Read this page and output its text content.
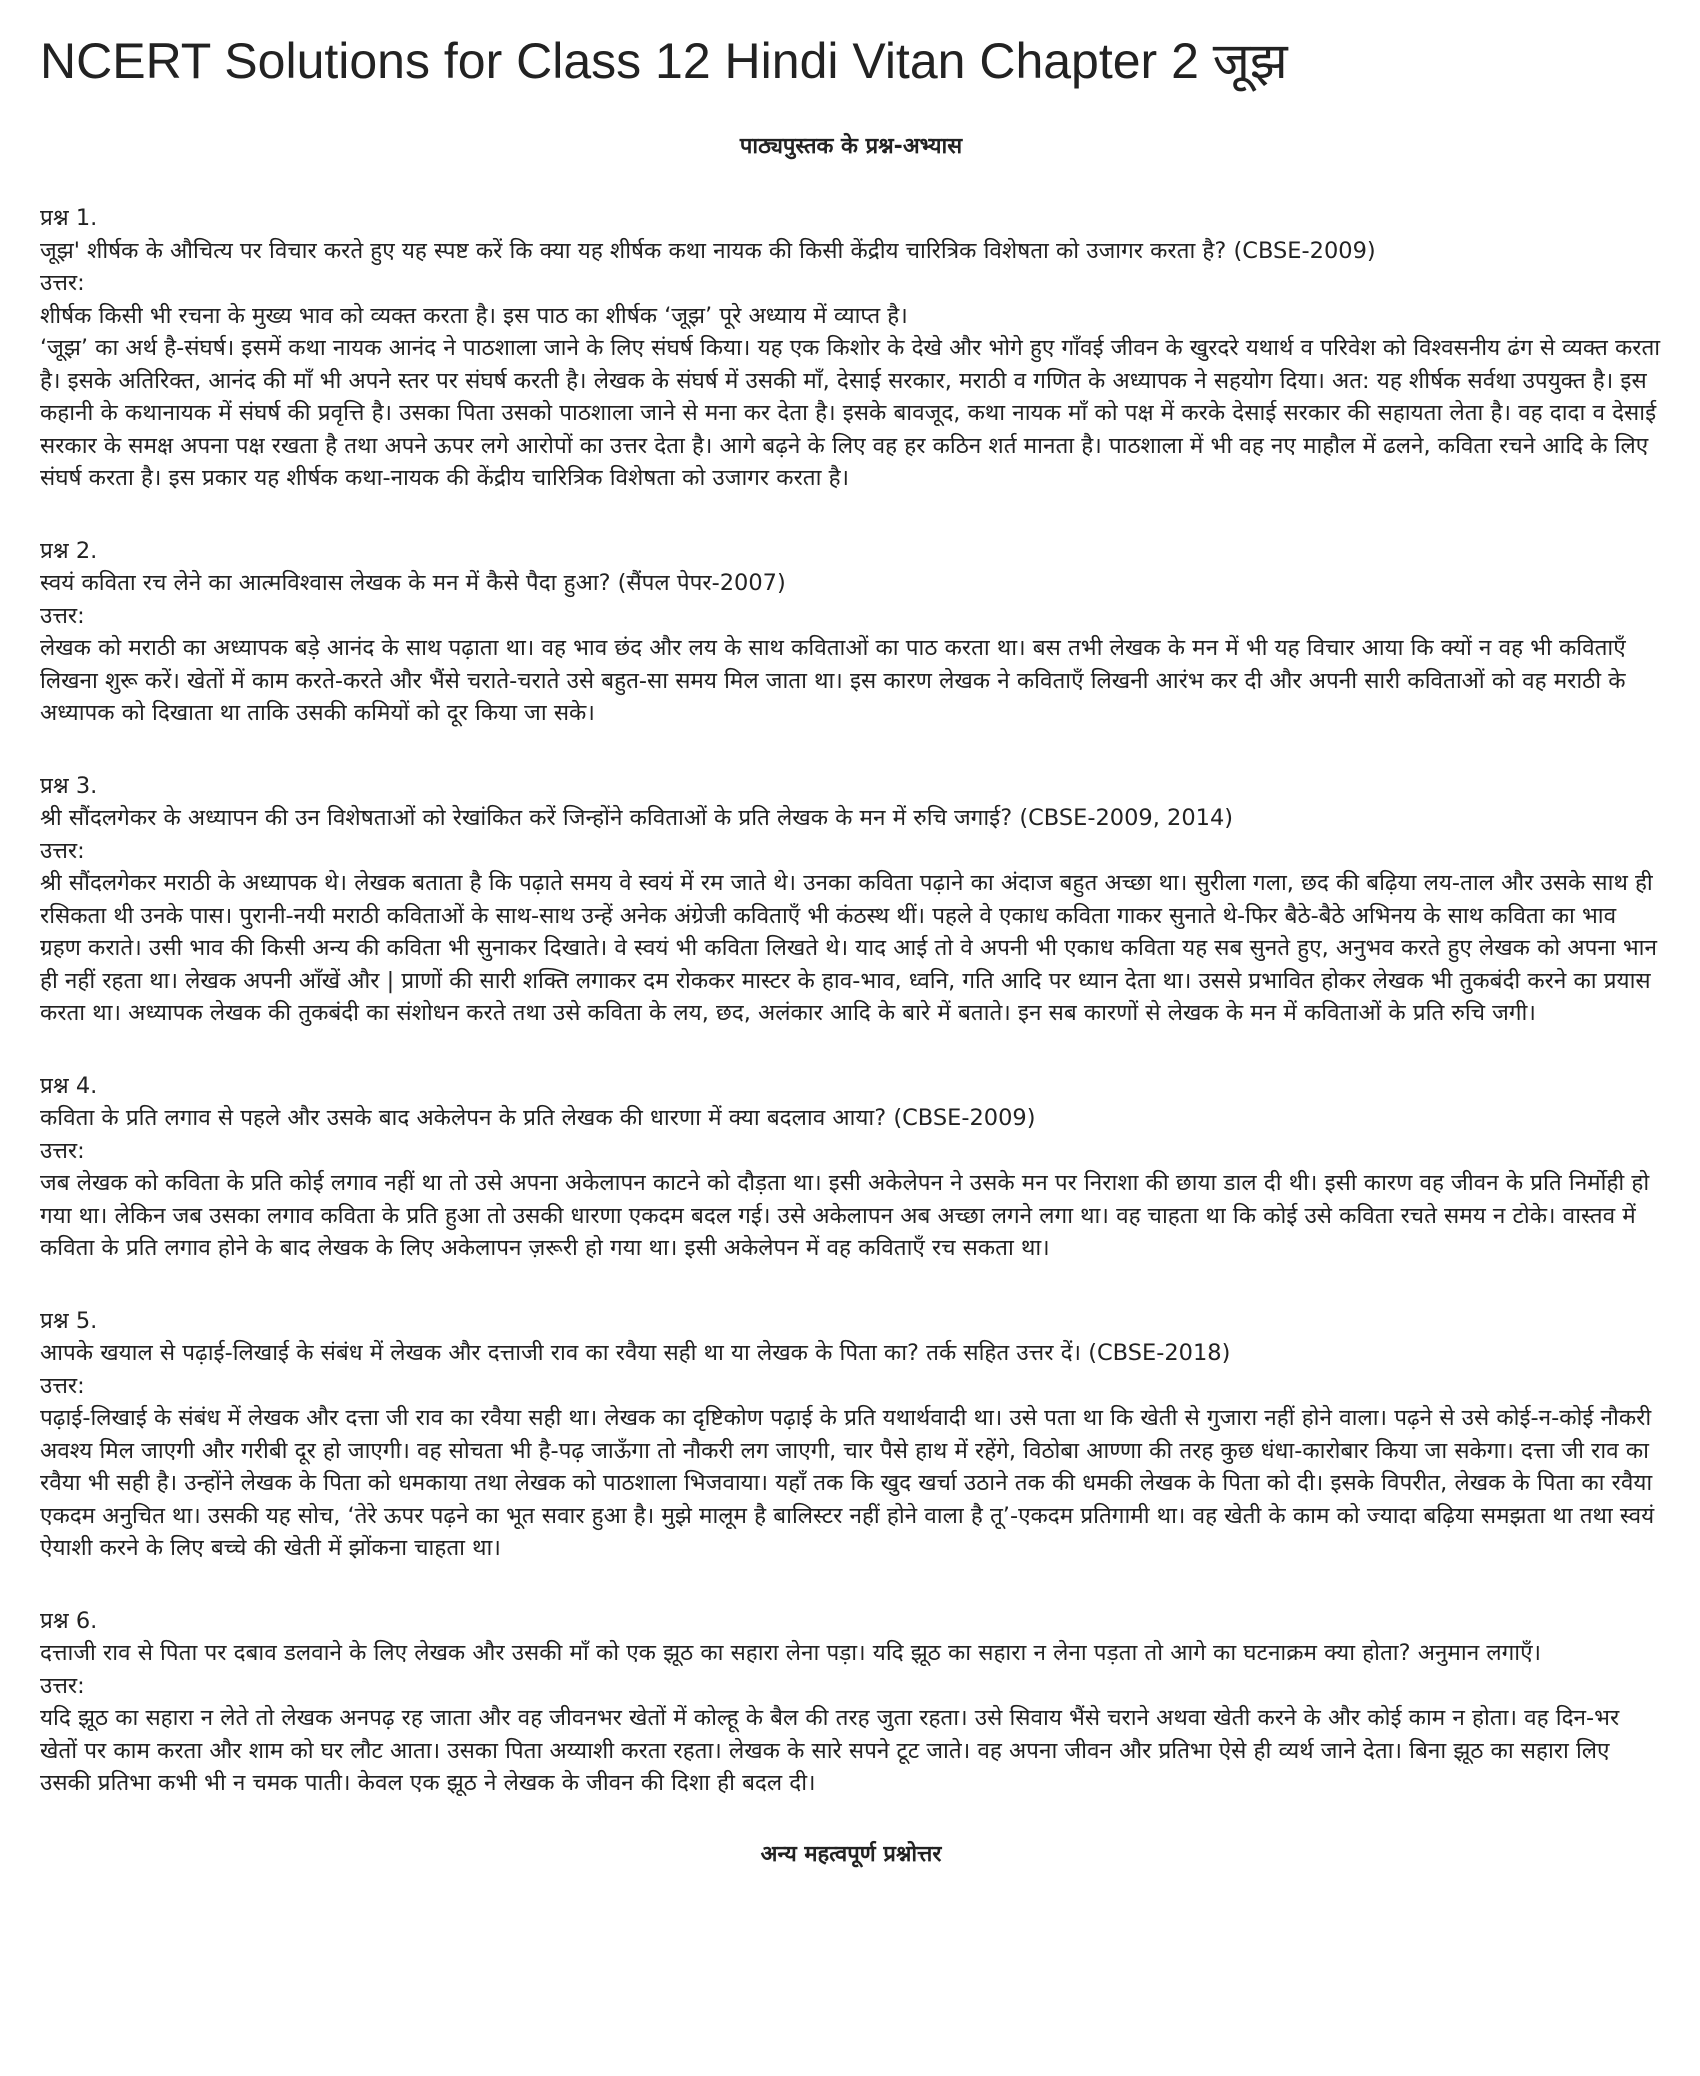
NCERT Solutions for Class 12 Hindi Vitan Chapter 2 जूझ
पाठ्यपुस्तक के प्रश्न-अभ्यास

प्रश्न 1.

जूझ' शीर्षक के औचित्य पर विचार करते हुए यह स्पष्ट करें कि क्या यह शीर्षक कथा नायक की किसी केंद्रीय चारित्रिक विशेषता को उजागर करता है? (CBSE-2009)

उत्तर:

शीर्षक किसी भी रचना के मुख्य भाव को व्यक्त करता है। इस पाठ का शीर्षक ‘जूझ’ पूरे अध्याय में व्याप्त है।

‘जूझ’ का अर्थ है-संघर्ष। इसमें कथा नायक आनंद ने पाठशाला जाने के लिए संघर्ष किया। यह एक किशोर के देखे और भोगे हुए गाँवई जीवन के खुरदरे यथार्थ व परिवेश को विश्वसनीय ढंग से व्यक्त करता है। इसके अतिरिक्त, आनंद की माँ भी अपने स्तर पर संघर्ष करती है। लेखक के संघर्ष में उसकी माँ, देसाई सरकार, मराठी व गणित के अध्यापक ने सहयोग दिया। अत: यह शीर्षक सर्वथा उपयुक्त है। इस कहानी के कथानायक में संघर्ष की प्रवृत्ति है। उसका पिता उसको पाठशाला जाने से मना कर देता है। इसके बावजूद, कथा नायक माँ को पक्ष में करके देसाई सरकार की सहायता लेता है। वह दादा व देसाई सरकार के समक्ष अपना पक्ष रखता है तथा अपने ऊपर लगे आरोपों का उत्तर देता है। आगे बढ़ने के लिए वह हर कठिन शर्त मानता है। पाठशाला में भी वह नए माहौल में ढलने, कविता रचने आदि के लिए संघर्ष करता है। इस प्रकार यह शीर्षक कथा-नायक की केंद्रीय चारित्रिक विशेषता को उजागर करता है।

प्रश्न 2.

स्वयं कविता रच लेने का आत्मविश्वास लेखक के मन में कैसे पैदा हुआ? (सैंपल पेपर-2007)

उत्तर:

लेखक को मराठी का अध्यापक बड़े आनंद के साथ पढ़ाता था। वह भाव छंद और लय के साथ कविताओं का पाठ करता था। बस तभी लेखक के मन में भी यह विचार आया कि क्यों न वह भी कविताएँ लिखना शुरू करें। खेतों में काम करते-करते और भैंसे चराते-चराते उसे बहुत-सा समय मिल जाता था। इस कारण लेखक ने कविताएँ लिखनी आरंभ कर दी और अपनी सारी कविताओं को वह मराठी के अध्यापक को दिखाता था ताकि उसकी कमियों को दूर किया जा सके।

प्रश्न 3.

श्री सौंदलगेकर के अध्यापन की उन विशेषताओं को रेखांकित करें जिन्होंने कविताओं के प्रति लेखक के मन में रुचि जगाई? (CBSE-2009, 2014)

उत्तर:

श्री सौंदलगेकर मराठी के अध्यापक थे। लेखक बताता है कि पढ़ाते समय वे स्वयं में रम जाते थे। उनका कविता पढ़ाने का अंदाज बहुत अच्छा था। सुरीला गला, छद की बढ़िया लय-ताल और उसके साथ ही रसिकता थी उनके पास। पुरानी-नयी मराठी कविताओं के साथ-साथ उन्हें अनेक अंग्रेजी कविताएँ भी कंठस्थ थीं। पहले वे एकाध कविता गाकर सुनाते थे-फिर बैठे-बैठे अभिनय के साथ कविता का भाव ग्रहण कराते। उसी भाव की किसी अन्य की कविता भी सुनाकर दिखाते। वे स्वयं भी कविता लिखते थे। याद आई तो वे अपनी भी एकाध कविता यह सब सुनते हुए, अनुभव करते हुए लेखक को अपना भान ही नहीं रहता था। लेखक अपनी आँखें और | प्राणों की सारी शक्ति लगाकर दम रोककर मास्टर के हाव-भाव, ध्वनि, गति आदि पर ध्यान देता था। उससे प्रभावित होकर लेखक भी तुकबंदी करने का प्रयास करता था। अध्यापक लेखक की तुकबंदी का संशोधन करते तथा उसे कविता के लय, छद, अलंकार आदि के बारे में बताते। इन सब कारणों से लेखक के मन में कविताओं के प्रति रुचि जगी।

प्रश्न 4.

कविता के प्रति लगाव से पहले और उसके बाद अकेलेपन के प्रति लेखक की धारणा में क्या बदलाव आया? (CBSE-2009)

उत्तर:

जब लेखक को कविता के प्रति कोई लगाव नहीं था तो उसे अपना अकेलापन काटने को दौड़ता था। इसी अकेलेपन ने उसके मन पर निराशा की छाया डाल दी थी। इसी कारण वह जीवन के प्रति निर्मोही हो गया था। लेकिन जब उसका लगाव कविता के प्रति हुआ तो उसकी धारणा एकदम बदल गई। उसे अकेलापन अब अच्छा लगने लगा था। वह चाहता था कि कोई उसे कविता रचते समय न टोके। वास्तव में कविता के प्रति लगाव होने के बाद लेखक के लिए अकेलापन ज़रूरी हो गया था। इसी अकेलेपन में वह कविताएँ रच सकता था।

प्रश्न 5.

आपके खयाल से पढ़ाई-लिखाई के संबंध में लेखक और दत्ताजी राव का रवैया सही था या लेखक के पिता का? तर्क सहित उत्तर दें। (CBSE-2018)

उत्तर:

पढ़ाई-लिखाई के संबंध में लेखक और दत्ता जी राव का रवैया सही था। लेखक का दृष्टिकोण पढ़ाई के प्रति यथार्थवादी था। उसे पता था कि खेती से गुजारा नहीं होने वाला। पढ़ने से उसे कोई-न-कोई नौकरी अवश्य मिल जाएगी और गरीबी दूर हो जाएगी। वह सोचता भी है-पढ़ जाऊँगा तो नौकरी लग जाएगी, चार पैसे हाथ में रहेंगे, विठोबा आण्णा की तरह कुछ धंधा-कारोबार किया जा सकेगा। दत्ता जी राव का रवैया भी सही है। उन्होंने लेखक के पिता को धमकाया तथा लेखक को पाठशाला भिजवाया। यहाँ तक कि खुद खर्चा उठाने तक की धमकी लेखक के पिता को दी। इसके विपरीत, लेखक के पिता का रवैया एकदम अनुचित था। उसकी यह सोच, ‘तेरे ऊपर पढ़ने का भूत सवार हुआ है। मुझे मालूम है बालिस्टर नहीं होने वाला है तू’-एकदम प्रतिगामी था। वह खेती के काम को ज्यादा बढ़िया समझता था तथा स्वयं ऐयाशी करने के लिए बच्चे की खेती में झोंकना चाहता था।

प्रश्न 6.

दत्ताजी राव से पिता पर दबाव डलवाने के लिए लेखक और उसकी माँ को एक झूठ का सहारा लेना पड़ा। यदि झूठ का सहारा न लेना पड़ता तो आगे का घटनाक्रम क्या होता? अनुमान लगाएँ।

उत्तर:

यदि झूठ का सहारा न लेते तो लेखक अनपढ़ रह जाता और वह जीवनभर खेतों में कोल्हू के बैल की तरह जुता रहता। उसे सिवाय भैंसे चराने अथवा खेती करने के और कोई काम न होता। वह दिन-भर खेतों पर काम करता और शाम को घर लौट आता। उसका पिता अय्याशी करता रहता। लेखक के सारे सपने टूट जाते। वह अपना जीवन और प्रतिभा ऐसे ही व्यर्थ जाने देता। बिना झूठ का सहारा लिए उसकी प्रतिभा कभी भी न चमक पाती। केवल एक झूठ ने लेखक के जीवन की दिशा ही बदल दी।

अन्य महत्वपूर्ण प्रश्नोत्तर
